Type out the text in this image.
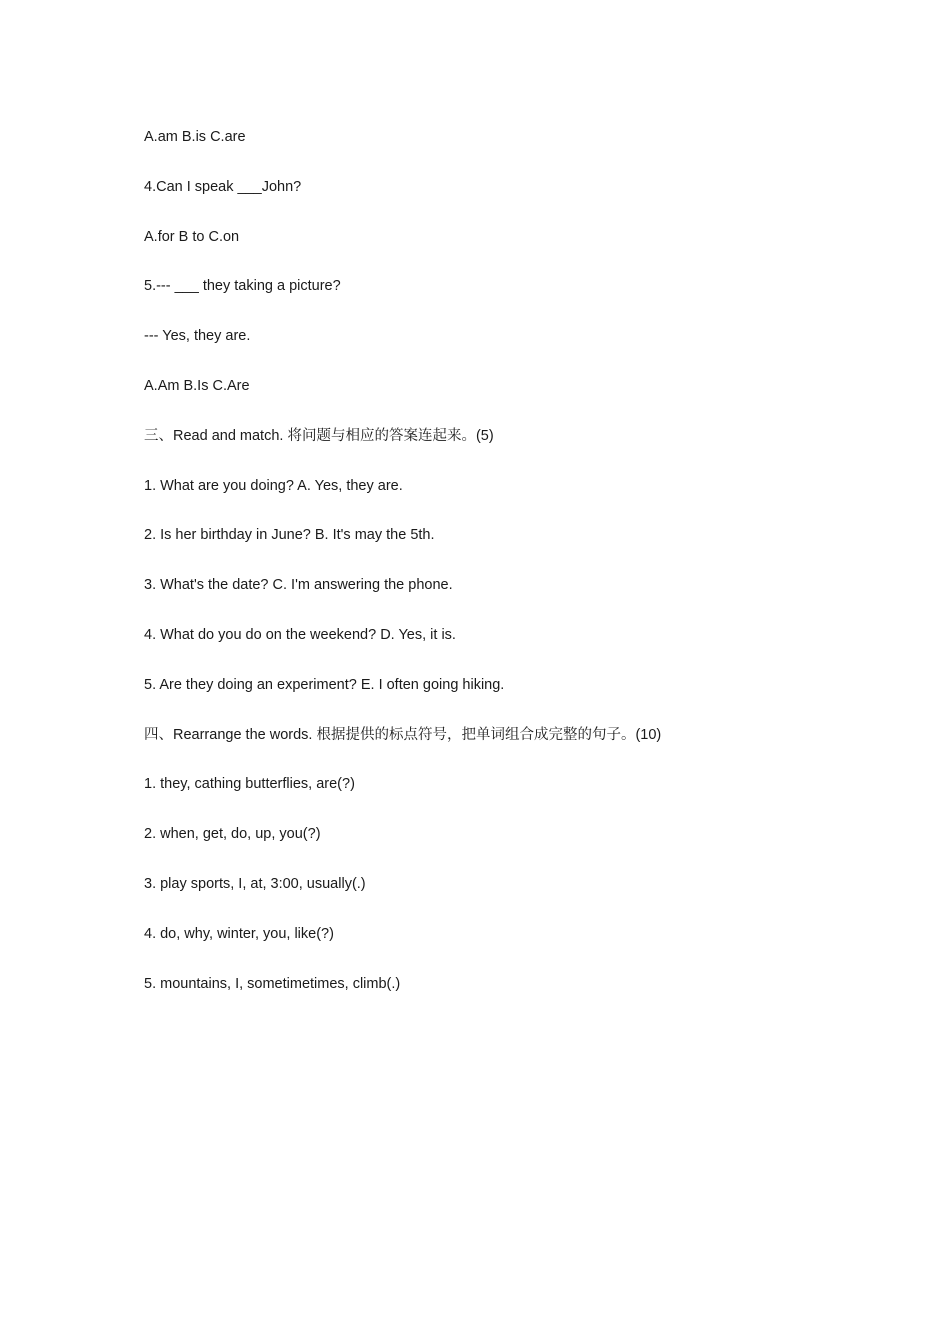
A.am B.is C.are

4.Can I speak ___John?

A.for B to C.on

5.--- ___ they taking a picture?

--- Yes, they are.

A.Am B.Is C.Are

三、Read and match. 将问题与相应的答案连起来。(5)

1. What are you doing? A. Yes, they are.

2. Is her birthday in June? B. It's may the 5th.

3. What's the date? C. I'm answering the phone.

4. What do you do on the weekend? D. Yes, it is.

5. Are they doing an experiment? E. I often going hiking.

四、Rearrange the words. 根据提供的标点符号，把单词组合成完整的句子。(10)

1. they, cathing butterflies, are(?)

2. when, get, do, up, you(?)

3. play sports, I, at, 3:00, usually(.)

4. do, why, winter, you, like(?)

5. mountains, I, sometimetimes, climb(.)
